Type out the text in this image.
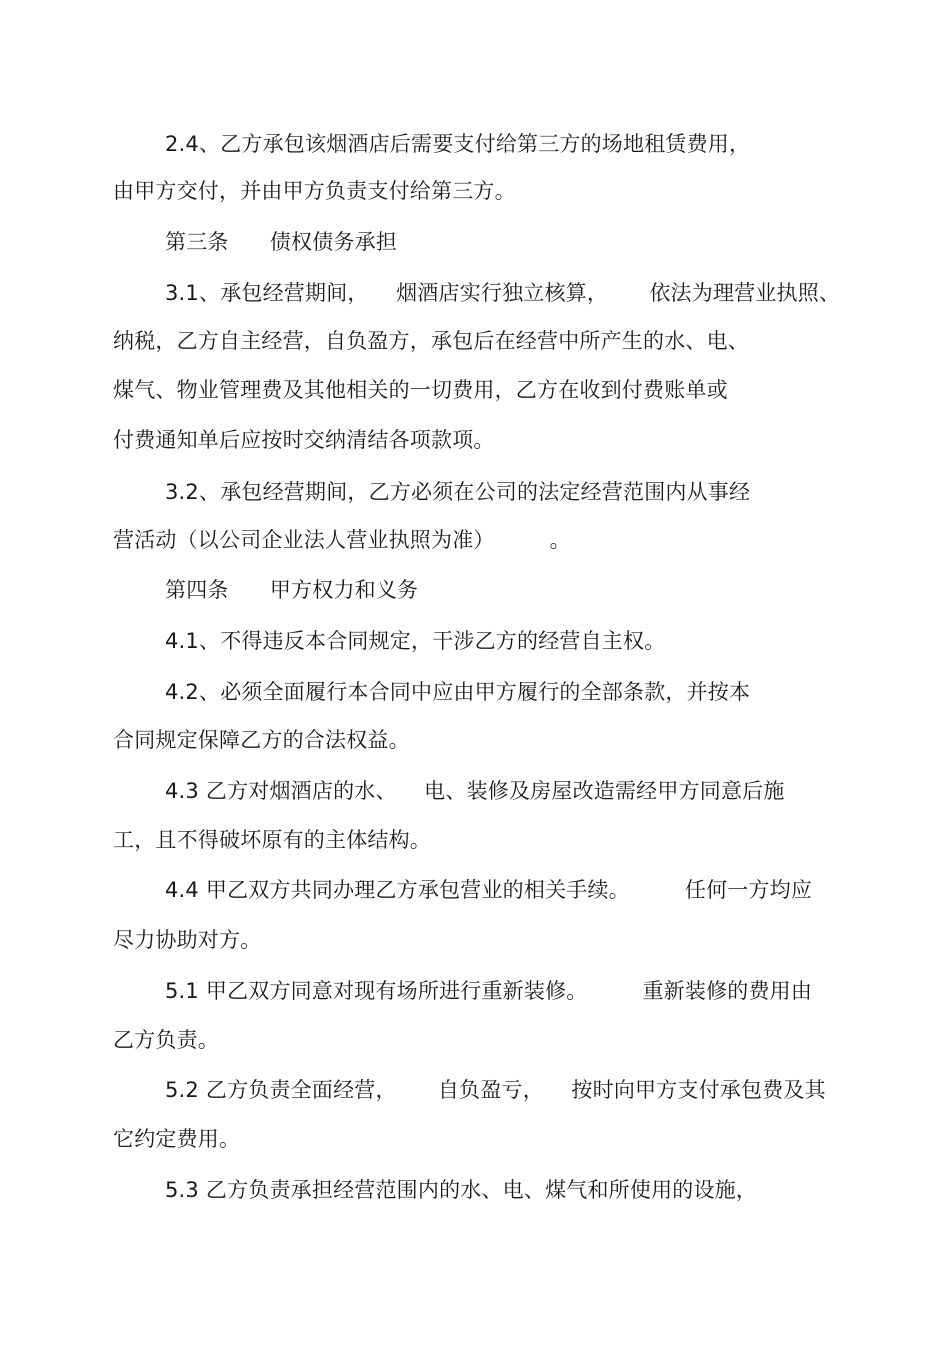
2.4、乙方承包该烟酒店后需要支付给第三方的场地租赁费用，
由甲方交付，并由甲方负责支付给第三方。
第三条      债权债务承担
3.1、承包经营期间，    烟酒店实行独立核算，      依法为理营业执照、
纳税，乙方自主经营，自负盈方，承包后在经营中所产生的水、电、
煤气、物业管理费及其他相关的一切费用，乙方在收到付费账单或
付费通知单后应按时交纳清结各项款项。
3.2、承包经营期间，乙方必须在公司的法定经营范围内从事经
营活动（以公司企业法人营业执照为准）        。
第四条      甲方权力和义务
4.1、不得违反本合同规定，干涉乙方的经营自主权。
4.2、必须全面履行本合同中应由甲方履行的全部条款，并按本
合同规定保障乙方的合法权益。
4.3 乙方对烟酒店的水、    电、装修及房屋改造需经甲方同意后施
工，且不得破坏原有的主体结构。
4.4 甲乙双方共同办理乙方承包营业的相关手续。        任何一方均应
尽力协助对方。
5.1 甲乙双方同意对现有场所进行重新装修。        重新装修的费用由
乙方负责。
5.2 乙方负责全面经营，      自负盈亏，    按时向甲方支付承包费及其
它约定费用。
5.3 乙方负责承担经营范围内的水、电、煤气和所使用的设施，
